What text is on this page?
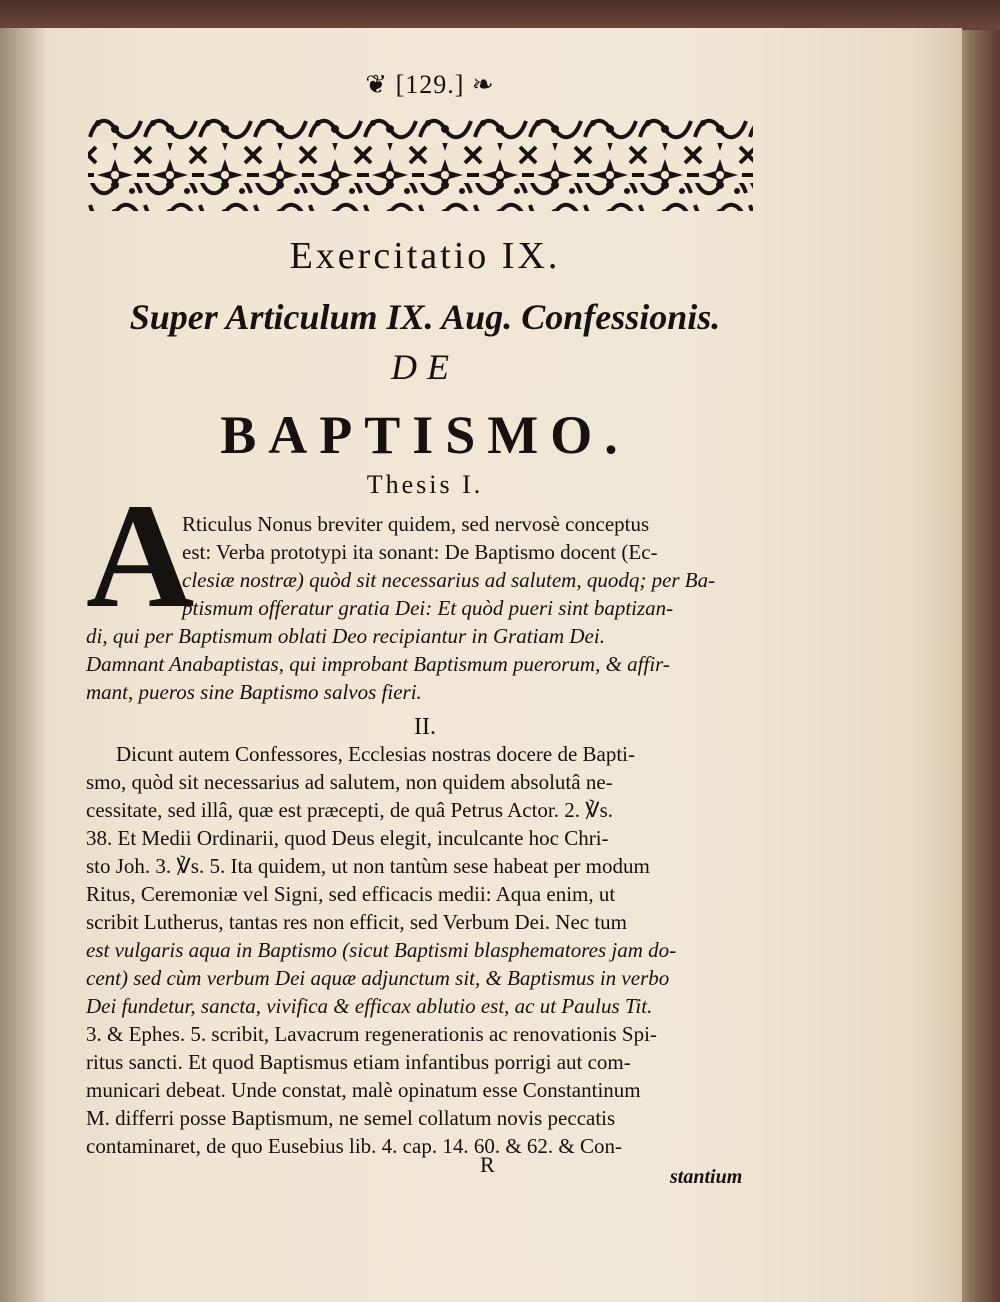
❦ [129.] ❧
Exercitatio IX.
Super Articulum IX. Aug. Confessionis.
DE
BAPTISMO.
Thesis I.
A
Rticulus Nonus breviter quidem, sed nervosè conceptus
est: Verba prototypi ita sonant: De Baptismo docent (Ec-
clesiæ nostræ) quòd sit necessarius ad salutem, quodq; per Ba-
ptismum offeratur gratia Dei: Et quòd pueri sint baptizan-
di, qui per Baptismum oblati Deo recipiantur in Gratiam Dei.
Damnant Anabaptistas, qui improbant Baptismum puerorum, & affir-
mant, pueros sine Baptismo salvos fieri.
II.
Dicunt autem Confessores, Ecclesias nostras docere de Bapti-
smo, quòd sit necessarius ad salutem, non quidem absolutâ ne-
cessitate, sed illâ, quæ est præcepti, de quâ Petrus Actor. 2. ℣s.
38. Et Medii Ordinarii, quod Deus elegit, inculcante hoc Chri-
sto Joh. 3. ℣s. 5. Ita quidem, ut non tantùm sese habeat per modum
Ritus, Ceremoniæ vel Signi, sed efficacis medii: Aqua enim, ut
scribit Lutherus, tantas res non efficit, sed Verbum Dei. Nec tum
est vulgaris aqua in Baptismo (sicut Baptismi blasphematores jam do-
cent) sed cùm verbum Dei aquæ adjunctum sit, & Baptismus in verbo
Dei fundetur, sancta, vivifica & efficax ablutio est, ac ut Paulus Tit.
3. & Ephes. 5. scribit, Lavacrum regenerationis ac renovationis Spi-
ritus sancti. Et quod Baptismus etiam infantibus porrigi aut com-
municari debeat. Unde constat, malè opinatum esse Constantinum
M. differri posse Baptismum, ne semel collatum novis peccatis
contaminaret, de quo Eusebius lib. 4. cap. 14. 60. & 62. & Con-
R	stantium
